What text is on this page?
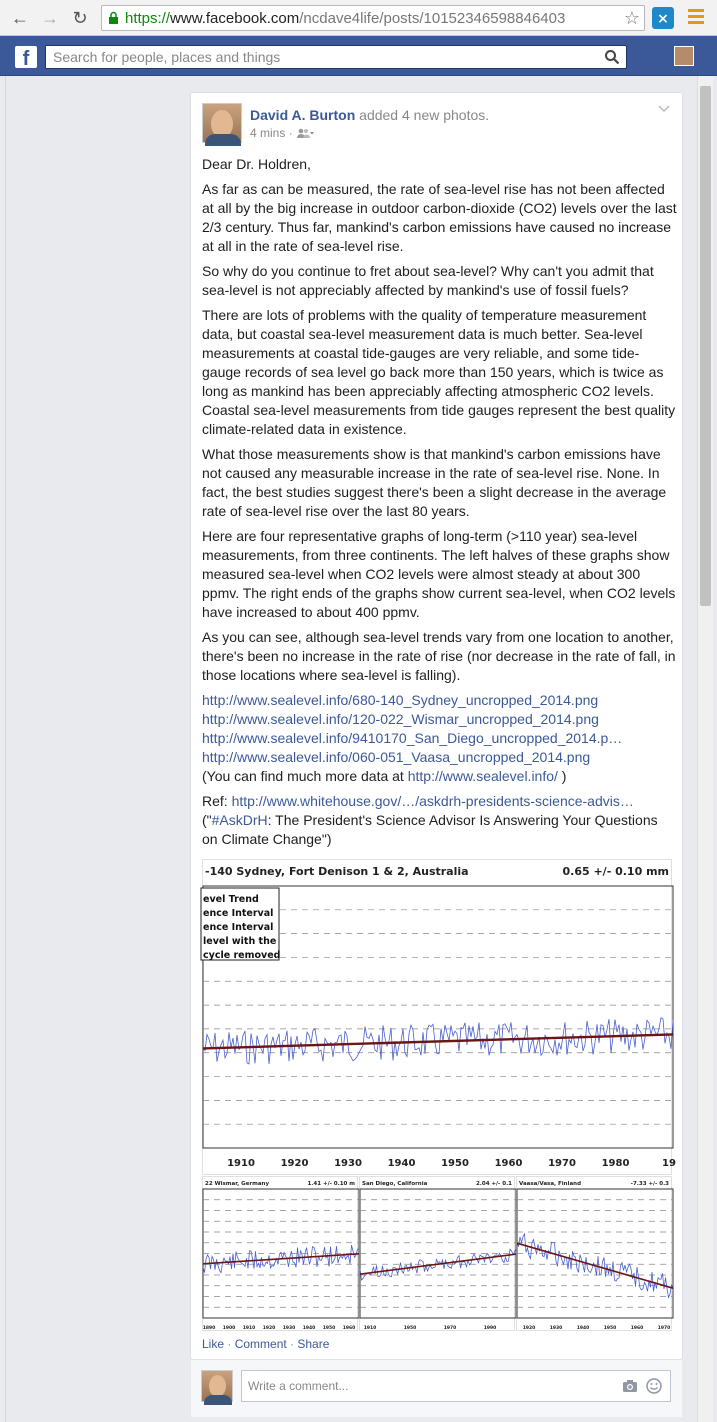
← → ↻ https://www.facebook.com/ncdave4life/posts/10152346598846403	☆	⨯
f
Search for people, places and things
David A. Burton added 4 new photos.
4 mins ·

Dear Dr. Holdren,

As far as can be measured, the rate of sea-level rise has not been affected at all by the big increase in outdoor carbon-dioxide (CO2) levels over the last 2/3 century. Thus far, mankind's carbon emissions have caused no increase at all in the rate of sea-level rise.

So why do you continue to fret about sea-level? Why can't you admit that sea-level is not appreciably affected by mankind's use of fossil fuels?

There are lots of problems with the quality of temperature measurement data, but coastal sea-level measurement data is much better. Sea-level measurements at coastal tide-gauges are very reliable, and some tide-gauge records of sea level go back more than 150 years, which is twice as long as mankind has been appreciably affecting atmospheric CO2 levels. Coastal sea-level measurements from tide gauges represent the best quality climate-related data in existence.

What those measurements show is that mankind's carbon emissions have not caused any measurable increase in the rate of sea-level rise. None. In fact, the best studies suggest there's been a slight decrease in the average rate of sea-level rise over the last 80 years.

Here are four representative graphs of long-term (>110 year) sea-level measurements, from three continents. The left halves of these graphs show measured sea-level when CO2 levels were almost steady at about 300 ppmv. The right ends of the graphs show current sea-level, when CO2 levels have increased to about 400 ppmv.

As you can see, although sea-level trends vary from one location to another, there's been no increase in the rate of rise (nor decrease in the rate of fall, in those locations where sea-level is falling).

http://www.sealevel.info/680-140_Sydney_uncropped_2014.png
http://www.sealevel.info/120-022_Wismar_uncropped_2014.png
http://www.sealevel.info/9410170_San_Diego_uncropped_2014.p…
http://www.sealevel.info/060-051_Vaasa_uncropped_2014.png
(You can find much more data at http://www.sealevel.info/ )

Ref: http://www.whitehouse.gov/…/askdrh-presidents-science-advis…
("#AskDrH: The President's Science Advisor Is Answering Your Questions on Climate Change")

-140 Sydney, Fort Denison 1 & 2, Australia	0.65 +/- 0.10 mm
evel Trend
ence Interval
ence Interval
level with the
cycle removed
1910	1920	1930	1940	1950	1960	1970	1980	19
22 Wismar, Germany	1.41 +/- 0.10 m
1890 1900 1910 1920 1930 1940 1950 1960
San Diego, California	2.04 +/- 0.1
1910	1950	1970	1990
Vaasa/Vasa, Finland	-7.33 +/- 0.3
1920	1930	1940	1950	1960	1970
Like · Comment · Share
Write a comment...
